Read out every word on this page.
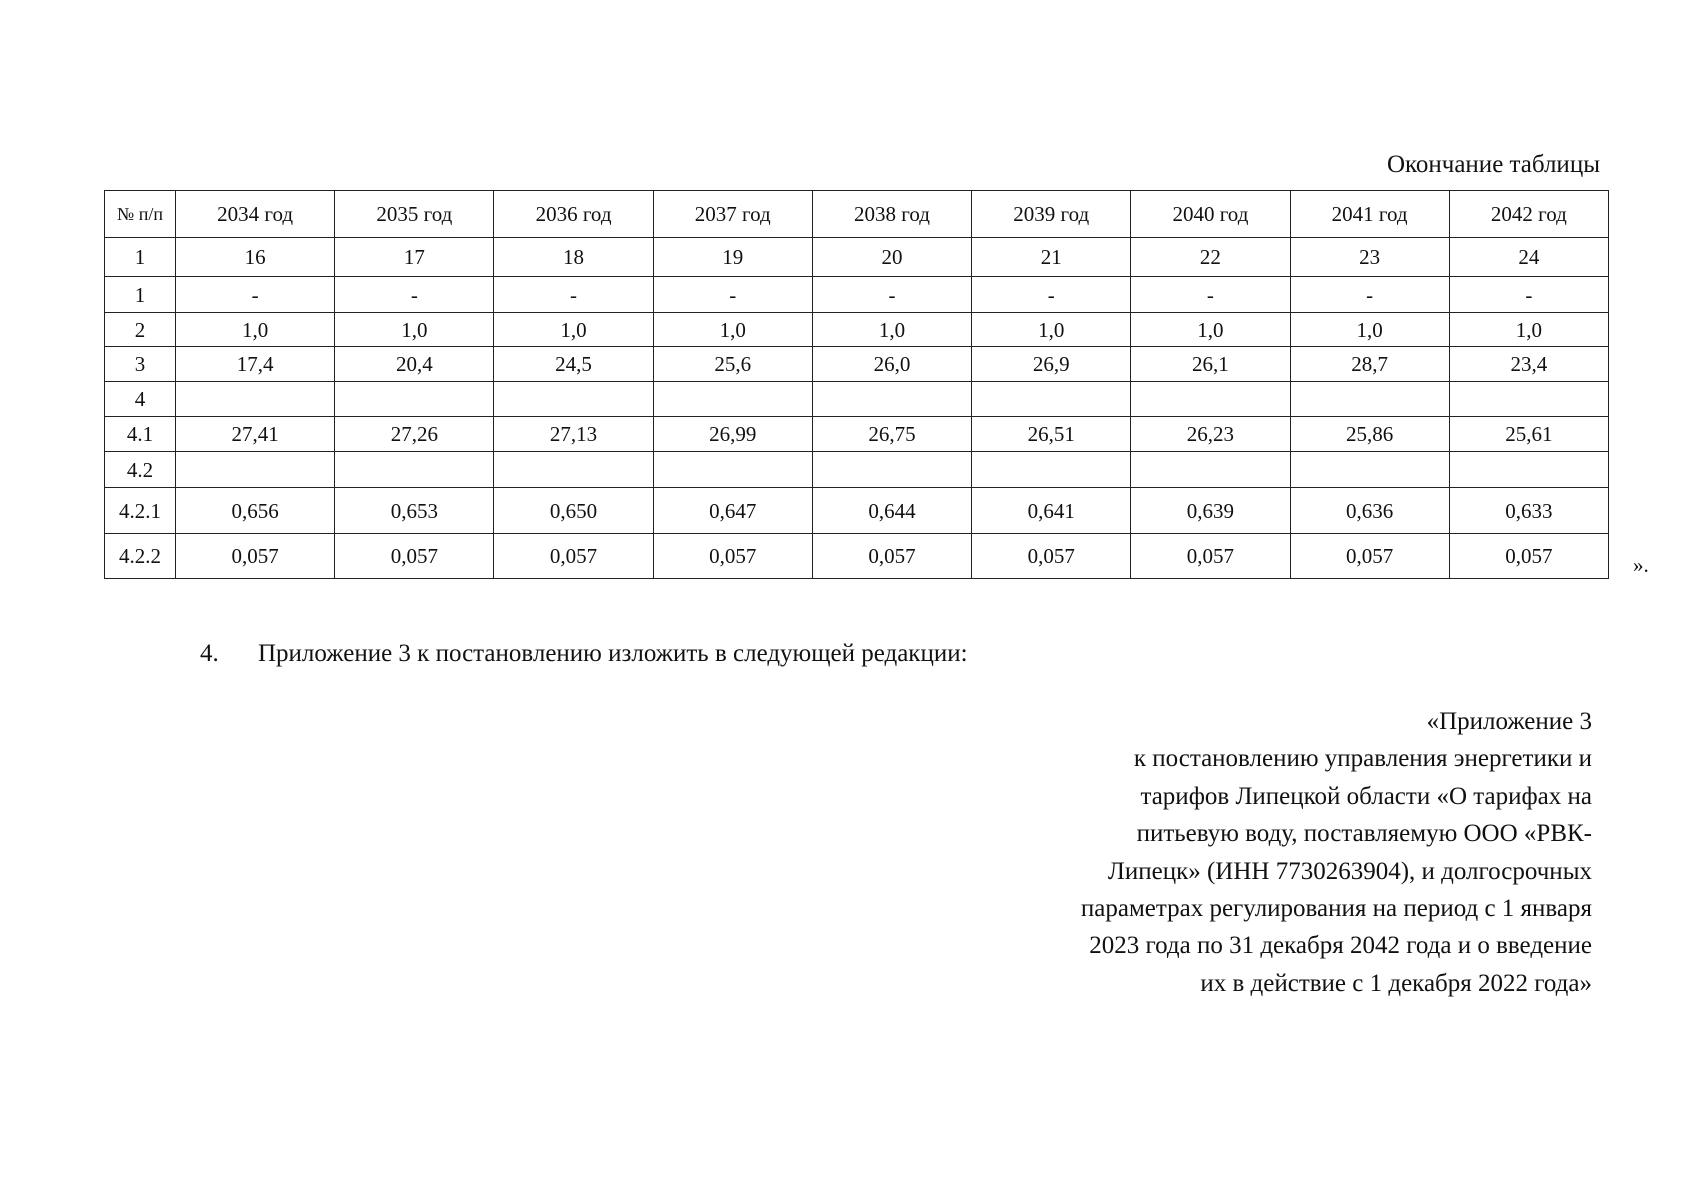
Окончание таблицы
№ п/п	2034 год	2035 год	2036 год	2037 год	2038 год	2039 год	2040 год	2041 год	2042 год
1	16	17	18	19	20	21	22	23	24
1	-	-	-	-	-	-	-	-	-
2	1,0	1,0	1,0	1,0	1,0	1,0	1,0	1,0	1,0
3	17,4	20,4	24,5	25,6	26,0	26,9	26,1	28,7	23,4
4									
4.1	27,41	27,26	27,13	26,99	26,75	26,51	26,23	25,86	25,61
4.2									
4.2.1	0,656	0,653	0,650	0,647	0,644	0,641	0,639	0,636	0,633
4.2.2	0,057	0,057	0,057	0,057	0,057	0,057	0,057	0,057	0,057	».
4.	Приложение 3 к постановлению изложить в следующей редакции:
«Приложение 3
к постановлению управления энергетики и
тарифов Липецкой области «О тарифах на
питьевую воду, поставляемую ООО «РВК-
Липецк» (ИНН 7730263904), и долгосрочных
параметрах регулирования на период с 1 января
2023 года по 31 декабря 2042 года и о введение
их в действие с 1 декабря 2022 года»
